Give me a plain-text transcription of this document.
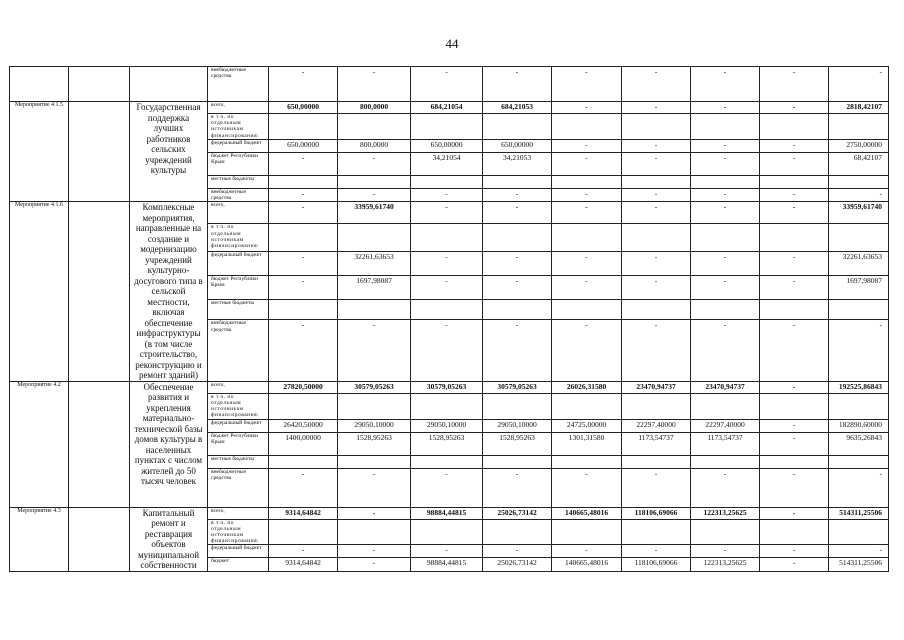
44
			внебюджетные средства	-	-	-	-	-	-	-	-	-
Мероприятие 4.1.5		Государственная поддержка лучших работников сельских учреждений культуры	всего,	650,00000	800,0000	684,21054	684,21053	-	-	-	-	2818,42107
			в т.ч. по отдельным источникам финансирования:									
			федеральный бюджет	650,00000	800,0000	650,00000	650,00000	-	-	-	-	2750,00000
			бюджет Республики Крым	-	-	34,21054	34,21053	-	-	-	-	68,42107
			местные бюджеты									
			внебюджетные средства	-	-	-	-	-	-	-	-	-
Мероприятие 4.1.6		Комплексные мероприятия, направленные на создание и модернизацию учреждений культурно-досугового типа в сельской местности, включая обеспечение инфраструктуры (в том числе строительство, реконструкцию и ремонт зданий)	всего,	-	33959,61740	-	-	-	-	-	-	33959,61740
			в т.ч. по отдельным источникам финансирования:									
			федеральный бюджет	-	32261,63653	-	-	-	-	-	-	32261,63653
			бюджет Республики Крым	-	1697,98087	-	-	-	-	-	-	1697,98087
			местные бюджеты									
			внебюджетные средства	-	-	-	-	-	-	-	-	-
Мероприятие 4.2		Обеспечение развития и укрепления материально-технической базы домов культуры в населенных пунктах с числом жителей до 50 тысяч человек	всего,	27820,50000	30579,05263	30579,05263	30579,05263	26026,31580	23470,94737	23470,94737	-	192525,86843
			в т.ч. по отдельным источникам финансирования:									
			федеральный бюджет	26420,50000	29050,10000	29050,10000	29050,10000	24725,00000	22297,40000	22297,40000	-	182890,60000
			бюджет Республики Крым	1400,00000	1528,95263	1528,95263	1528,95263	1301,31580	1173,54737	1173,54737	-	9635,26843
			местные бюджеты									
			внебюджетные средства	-	-	-	-	-	-	-	-	-
Мероприятие 4.3		Капитальный ремонт и реставрация объектов муниципальной собственности	всего,	9314,64842	-	98884,44815	25026,73142	140665,48016	118106,69066	122313,25625	-	514311,25506
			в т.ч. по отдельным источникам финансирования:									
			федеральный бюджет	-	-	-	-	-	-	-	-	-
			бюджет	9314,64842	-	98884,44815	25026,73142	140665,48016	118106,69066	122313,25625	-	514311,25506
